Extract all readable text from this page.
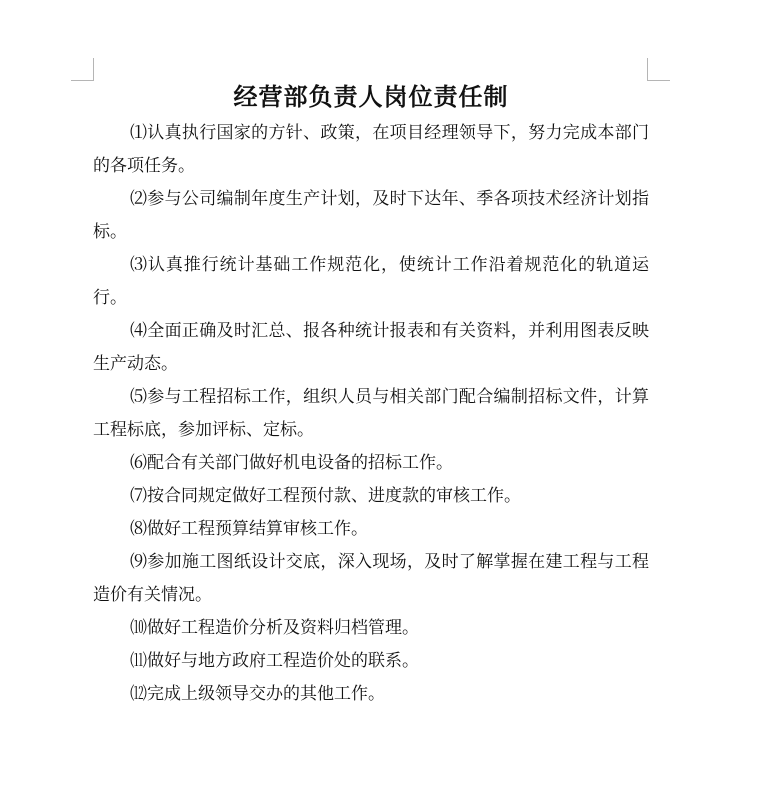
经营部负责人岗位责任制

⑴认真执行国家的方针、政策，在项目经理领导下，努力完成本部门的各项任务。

⑵参与公司编制年度生产计划，及时下达年、季各项技术经济计划指标。

⑶认真推行统计基础工作规范化，使统计工作沿着规范化的轨道运行。

⑷全面正确及时汇总、报各种统计报表和有关资料，并利用图表反映生产动态。

⑸参与工程招标工作，组织人员与相关部门配合编制招标文件，计算工程标底，参加评标、定标。

⑹配合有关部门做好机电设备的招标工作。

⑺按合同规定做好工程预付款、进度款的审核工作。

⑻做好工程预算结算审核工作。

⑼参加施工图纸设计交底，深入现场，及时了解掌握在建工程与工程造价有关情况。

⑽做好工程造价分析及资料归档管理。

⑾做好与地方政府工程造价处的联系。

⑿完成上级领导交办的其他工作。
